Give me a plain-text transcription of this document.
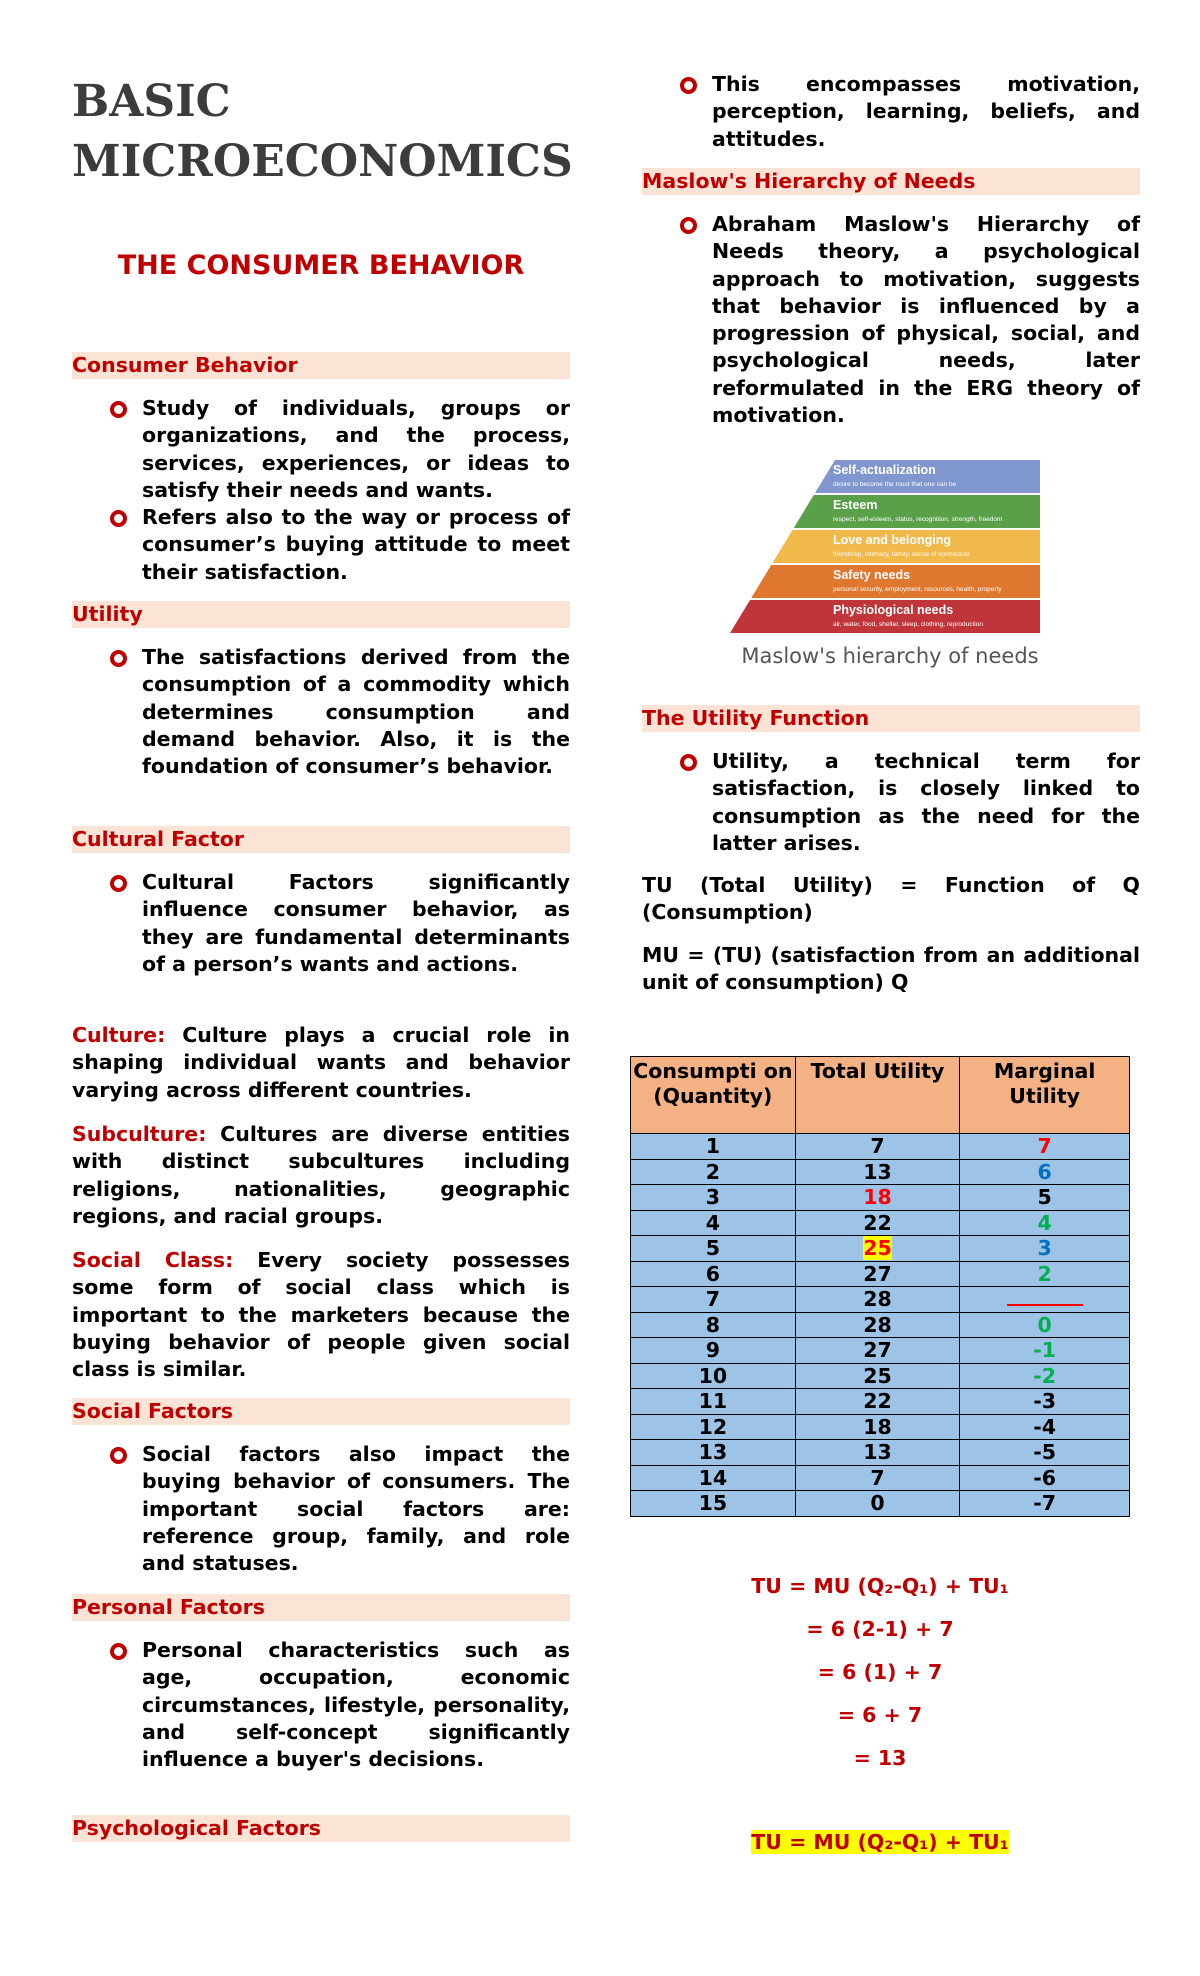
BASIC MICROECONOMICS
THE CONSUMER BEHAVIOR
Consumer Behavior
Study of individuals, groups or organizations, and the process, services, experiences, or ideas to satisfy their needs and wants.
Refers also to the way or process of consumer’s buying attitude to meet their satisfaction.
Utility
The satisfactions derived from the consumption of a commodity which determines consumption and demand behavior. Also, it is the foundation of consumer’s behavior.
Cultural Factor
Cultural Factors significantly influence consumer behavior, as they are fundamental determinants of a person’s wants and actions.
Culture: Culture plays a crucial role in shaping individual wants and behavior varying across different countries.
Subculture: Cultures are diverse entities with distinct subcultures including religions, nationalities, geographic regions, and racial groups.
Social Class: Every society possesses some form of social class which is important to the marketers because the buying behavior of people given social class is similar.
Social Factors
Social factors also impact the buying behavior of consumers. The important social factors are: reference group, family, and role and statuses.
Personal Factors
Personal characteristics such as age, occupation, economic circumstances, lifestyle, personality, and self-concept significantly influence a buyer's decisions.
Psychological Factors
This encompasses motivation, perception, learning, beliefs, and attitudes.
Maslow's Hierarchy of Needs
Abraham Maslow's Hierarchy of Needs theory, a psychological approach to motivation, suggests that behavior is influenced by a progression of physical, social, and psychological needs, later reformulated in the ERG theory of motivation.
Self-actualization
desire to become the most that one can be
Esteem
respect, self-esteem, status, recognition, strength, freedom
Love and belonging
friendship, intimacy, family, sense of connection
Safety needs
personal security, employment, resources, health, property
Physiological needs
air, water, food, shelter, sleep, clothing, reproduction
Maslow's hierarchy of needs
The Utility Function
Utility, a technical term for satisfaction, is closely linked to consumption as the need for the latter arises.
TU (Total Utility) = Function of Q (Consumption)
MU = (TU) (satisfaction from an additional unit of consumption) Q
Consumpti on (Quantity)	Total Utility	Marginal Utility
1	7	7
2	13	6
3	18	5
4	22	4
5	25	3
6	27	2
7	28	
8	28	0
9	27	-1
10	25	-2
11	22	-3
12	18	-4
13	13	-5
14	7	-6
15	0	-7
TU = MU (Q₂-Q₁) + TU₁
= 6 (2-1) + 7
= 6 (1) + 7
= 6 + 7
= 13
TU = MU (Q₂-Q₁) + TU₁
